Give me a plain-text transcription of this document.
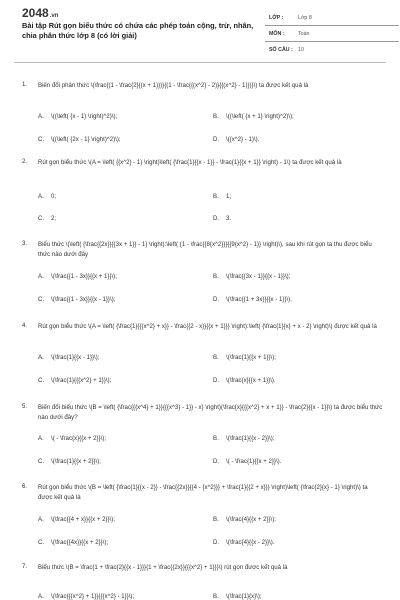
2048.vn
Bài tập Rút gọn biểu thức có chứa các phép toán cộng, trừ, nhân, chia phân thức lớp 8 (có lời giải)
LỚP :	Lớp 8
MÔN :	Toán
SỐ CÂU : 10
1. Biến đổi phân thức \(\frac{(1 - \frac{2}{(x + 1)})}{(1 - \frac{{(x^2} - 2)}{{(x^2} - 1)})}\) ta được kết quả là
A. \((\left( {x - 1} \right)^2)\);	B. \((\left( {x + 1} \right)^2)\);
C. \((\left( {2x - 1} \right)^2)\);	D. \({x^2} - 1)\).
2. Rút gọn biểu thức \(A = \left( {{x^2} - 1} \right)\left( {\frac{1}{{x - 1}} - \frac{1}{{x + 1}} \right) - 1\) ta được kết quả là
A. 0;	B. 1;
C. 2;	D. 3.
3. Biểu thức \(\left( {\frac{{2x}}{{3x + 1}} - 1} \right):\left( {1 - \frac{{8{x^2}}}{{9{x^2} - 1}} \right)\), sau khi rút gọn ta thu được biểu thức nào dưới đây
A. \(\frac{{1 - 3x}}{{x + 1}}\);	B. \(\frac{{3x - 1}}{{x - 1}}\);
C. \(\frac{{1 - 3x}}{{x - 1}}\);	D. \(\frac{{1 + 3x}}{{x - 1}}\).
4. Rút gọn biểu thức \(A = \left( {\frac{1}{{{x^2} + x}} - \frac{{2 - x}}{{x + 1}}} \right):\left( {\frac{1}{x} + x - 2} \right)\) được kết quả là
A. \(\frac{1}{{x - 1}}\);	B. \(\frac{1}{{x + 1}}\);
C. \(\frac{1}{{{x^2} + 1}}\);	D. \(\frac{x}{{x + 1}}\).
5. Biến đổi biểu thức \(B = \left( {\frac{{{x^4} + 1}}{{{x^3} - 1}} - x} \right)(\frac{x}{{{x^2} + x + 1}} - \frac{2}{{x - 1}}\) ta được biểu thức nào dưới đây?
A. \( - \frac{x}{{x + 2}}\);	B. \(\frac{1}{{x - 2}}\);
C. \(\frac{1}{{x + 2}}\);	D. \( - \frac{1}{{x + 2}}\).
6. Rút gọn biểu thức \(B = \left( {\frac{1}{{x - 2}} - \frac{{2x}}{{4 - {x^2}}} + \frac{1}{{2 + x}}} \right)\left( {\frac{2}{x} - 1} \right)\) ta được kết quả là
A. \(\frac{{4 + x}}{{x + 2}}\);	B. \(\frac{4}{{x + 2}}\);
C. \(\frac{{4x}}{{x + 2}}\);	D. \(\frac{4}{{x - 2}}\).
7. Biểu thức \(B = \frac{1 + \frac{2}{{x - 1}}}{1 + \frac{{2x}}{{{x^2} + 1}}}\) rút gọn được kết quả là
A. \(\frac{{{x^2} + 1}}{{{x^2} - 1}}\);	B. \(\frac{1}{x}\);
